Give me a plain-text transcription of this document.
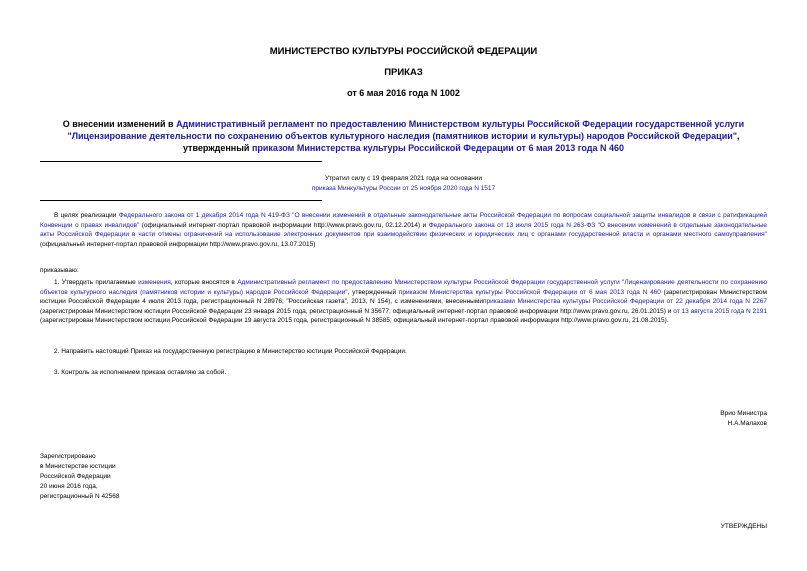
МИНИСТЕРСТВО КУЛЬТУРЫ РОССИЙСКОЙ ФЕДЕРАЦИИ
ПРИКАЗ
от 6 мая 2016 года N 1002
О внесении изменений в Административный регламент по предоставлению Министерством культуры Российской Федерации государственной услуги "Лицензирование деятельности по сохранению объектов культурного наследия (памятников истории и культуры) народов Российской Федерации", утвержденный приказом Министерства культуры Российской Федерации от 6 мая 2013 года N 460
Утратил силу с 19 февраля 2021 года на основании
приказа Минкультуры России от 25 ноября 2020 года N 1517
В целях реализации Федерального закона от 1 декабря 2014 года N 419-ФЗ "О внесении изменений в отдельные законодательные акты Российской Федерации по вопросам социальной защиты инвалидов в связи с ратификацией Конвенции о правах инвалидов" (официальный интернет-портал правовой информации http://www.pravo.gov.ru, 02.12.2014) и Федерального закона от 13 июля 2015 года N 263-ФЗ "О внесении изменений в отдельные законодательные акты Российской Федерации в части отмены ограничений на использование электронных документов при взаимодействии физических и юридических лиц с органами государственной власти и органами местного самоуправления" (официальный интернет-портал правовой информации http://www.pravo.gov.ru, 13.07.2015)
приказываю:
1. Утвердить прилагаемые изменения, которые вносятся в Административный регламент по предоставлению Министерством культуры Российской Федерации государственной услуги "Лицензирование деятельности по сохранению объектов культурного наследия (памятников истории и культуры) народов Российской Федерации", утвержденный приказом Министерства культуры Российской Федерации от 6 мая 2013 года N 460 (зарегистрирован Министерством юстиции Российской Федерации 4 июля 2013 года, регистрационный N 28976; "Российская газета", 2013, N 154), с изменениями, внесеннымиприказами Министерства культуры Российской Федерации от 22 декабря 2014 года N 2267 (зарегистрирован Министерством юстиции Российской Федерации 23 января 2015 года, регистрационный N 35677; официальный интернет-портал правовой информации http://www.pravo.gov.ru, 26.01.2015) и от 13 августа 2015 года N 2191 (зарегистрирован Министерством юстиции Российской Федерации 19 августа 2015 года, регистрационный N 38585; официальный интернет-портал правовой информации http://www.pravo.gov.ru, 21.08.2015).
2. Направить настоящий Приказ на государственную регистрацию в Министерство юстиции Российской Федерации.
3. Контроль за исполнением приказа оставляю за собой.
Врио Министра
Н.А.Малахов
Зарегистрировано
в Министерстве юстиции
Российской Федерации
20 июня 2016 года,
регистрационный N 42568
УТВЕРЖДЕНЫ
